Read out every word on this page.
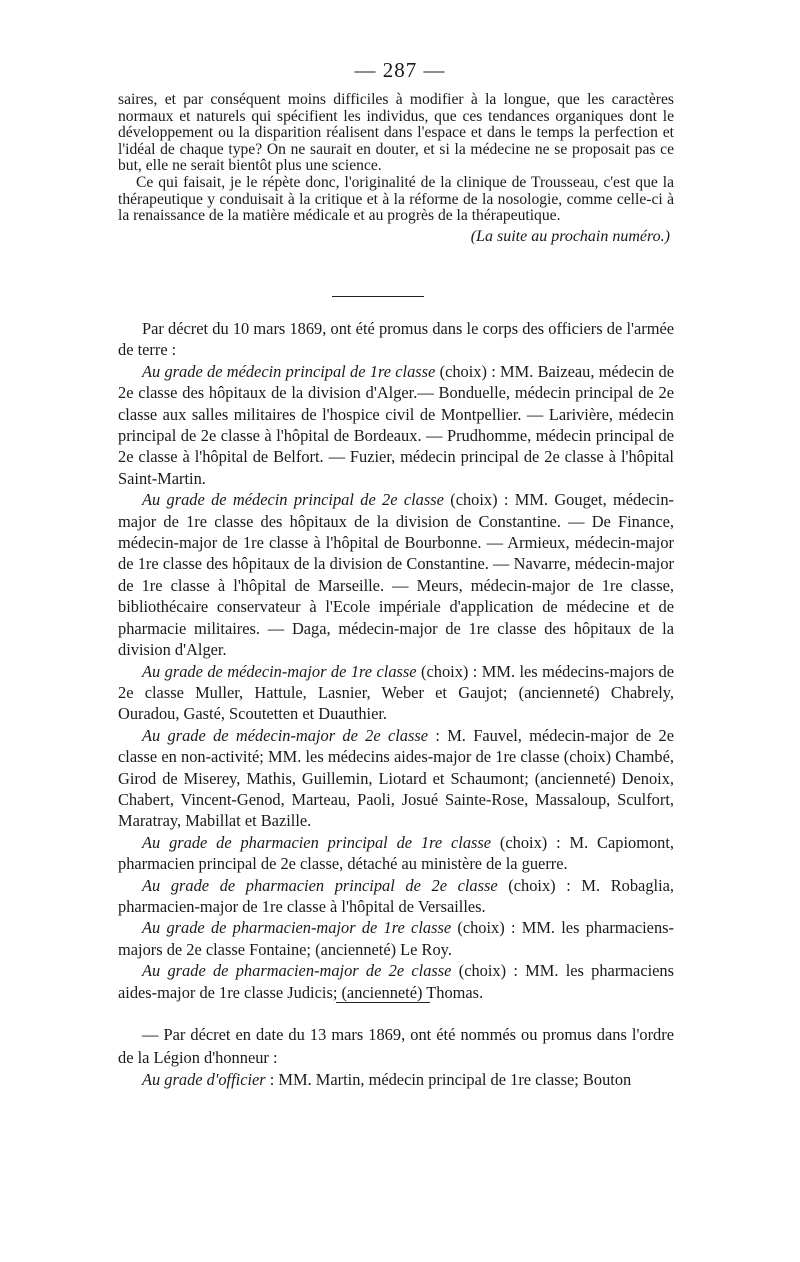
— 287 —

saires, et par conséquent moins difficiles à modifier à la longue, que les caractères normaux et naturels qui spécifient les individus, que ces tendances organiques dont le développement ou la disparition réalisent dans l'espace et dans le temps la perfection et l'idéal de chaque type? On ne saurait en douter, et si la médecine ne se proposait pas ce but, elle ne serait bientôt plus une science.

Ce qui faisait, je le répète donc, l'originalité de la clinique de Trousseau, c'est que la thérapeutique y conduisait à la critique et à la réforme de la nosologie, comme celle-ci à la renaissance de la matière médicale et au progrès de la thérapeutique.

(La suite au prochain numéro.)

Par décret du 10 mars 1869, ont été promus dans le corps des officiers de l'armée de terre :

Au grade de médecin principal de 1re classe (choix) : MM. Baizeau, médecin de 2e classe des hôpitaux de la division d'Alger.— Bonduelle, médecin principal de 2e classe aux salles militaires de l'hospice civil de Montpellier. — Larivière, médecin principal de 2e classe à l'hôpital de Bordeaux. — Prudhomme, médecin principal de 2e classe à l'hôpital de Belfort. — Fuzier, médecin principal de 2e classe à l'hôpital Saint-Martin.

Au grade de médecin principal de 2e classe (choix) : MM. Gouget, médecin-major de 1re classe des hôpitaux de la division de Constantine. — De Finance, médecin-major de 1re classe à l'hôpital de Bourbonne. — Armieux, médecin-major de 1re classe des hôpitaux de la division de Constantine. — Navarre, médecin-major de 1re classe à l'hôpital de Marseille. — Meurs, médecin-major de 1re classe, bibliothécaire conservateur à l'Ecole impériale d'application de médecine et de pharmacie militaires. — Daga, médecin-major de 1re classe des hôpitaux de la division d'Alger.

Au grade de médecin-major de 1re classe (choix) : MM. les médecins-majors de 2e classe Muller, Hattule, Lasnier, Weber et Gaujot; (ancienneté) Chabrely, Ouradou, Gasté, Scoutetten et Duauthier.

Au grade de médecin-major de 2e classe : M. Fauvel, médecin-major de 2e classe en non-activité; MM. les médecins aides-major de 1re classe (choix) Chambé, Girod de Miserey, Mathis, Guillemin, Liotard et Schaumont; (ancienneté) Denoix, Chabert, Vincent-Genod, Marteau, Paoli, Josué Sainte-Rose, Massaloup, Sculfort, Maratray, Mabillat et Bazille.

Au grade de pharmacien principal de 1re classe (choix) : M. Capiomont, pharmacien principal de 2e classe, détaché au ministère de la guerre.

Au grade de pharmacien principal de 2e classe (choix) : M. Robaglia, pharmacien-major de 1re classe à l'hôpital de Versailles.

Au grade de pharmacien-major de 1re classe (choix) : MM. les pharmaciens-majors de 2e classe Fontaine; (ancienneté) Le Roy.

Au grade de pharmacien-major de 2e classe (choix) : MM. les pharmaciens aides-major de 1re classe Judicis; (ancienneté) Thomas.

— Par décret en date du 13 mars 1869, ont été nommés ou promus dans l'ordre de la Légion d'honneur :

Au grade d'officier : MM. Martin, médecin principal de 1re classe; Bouton
